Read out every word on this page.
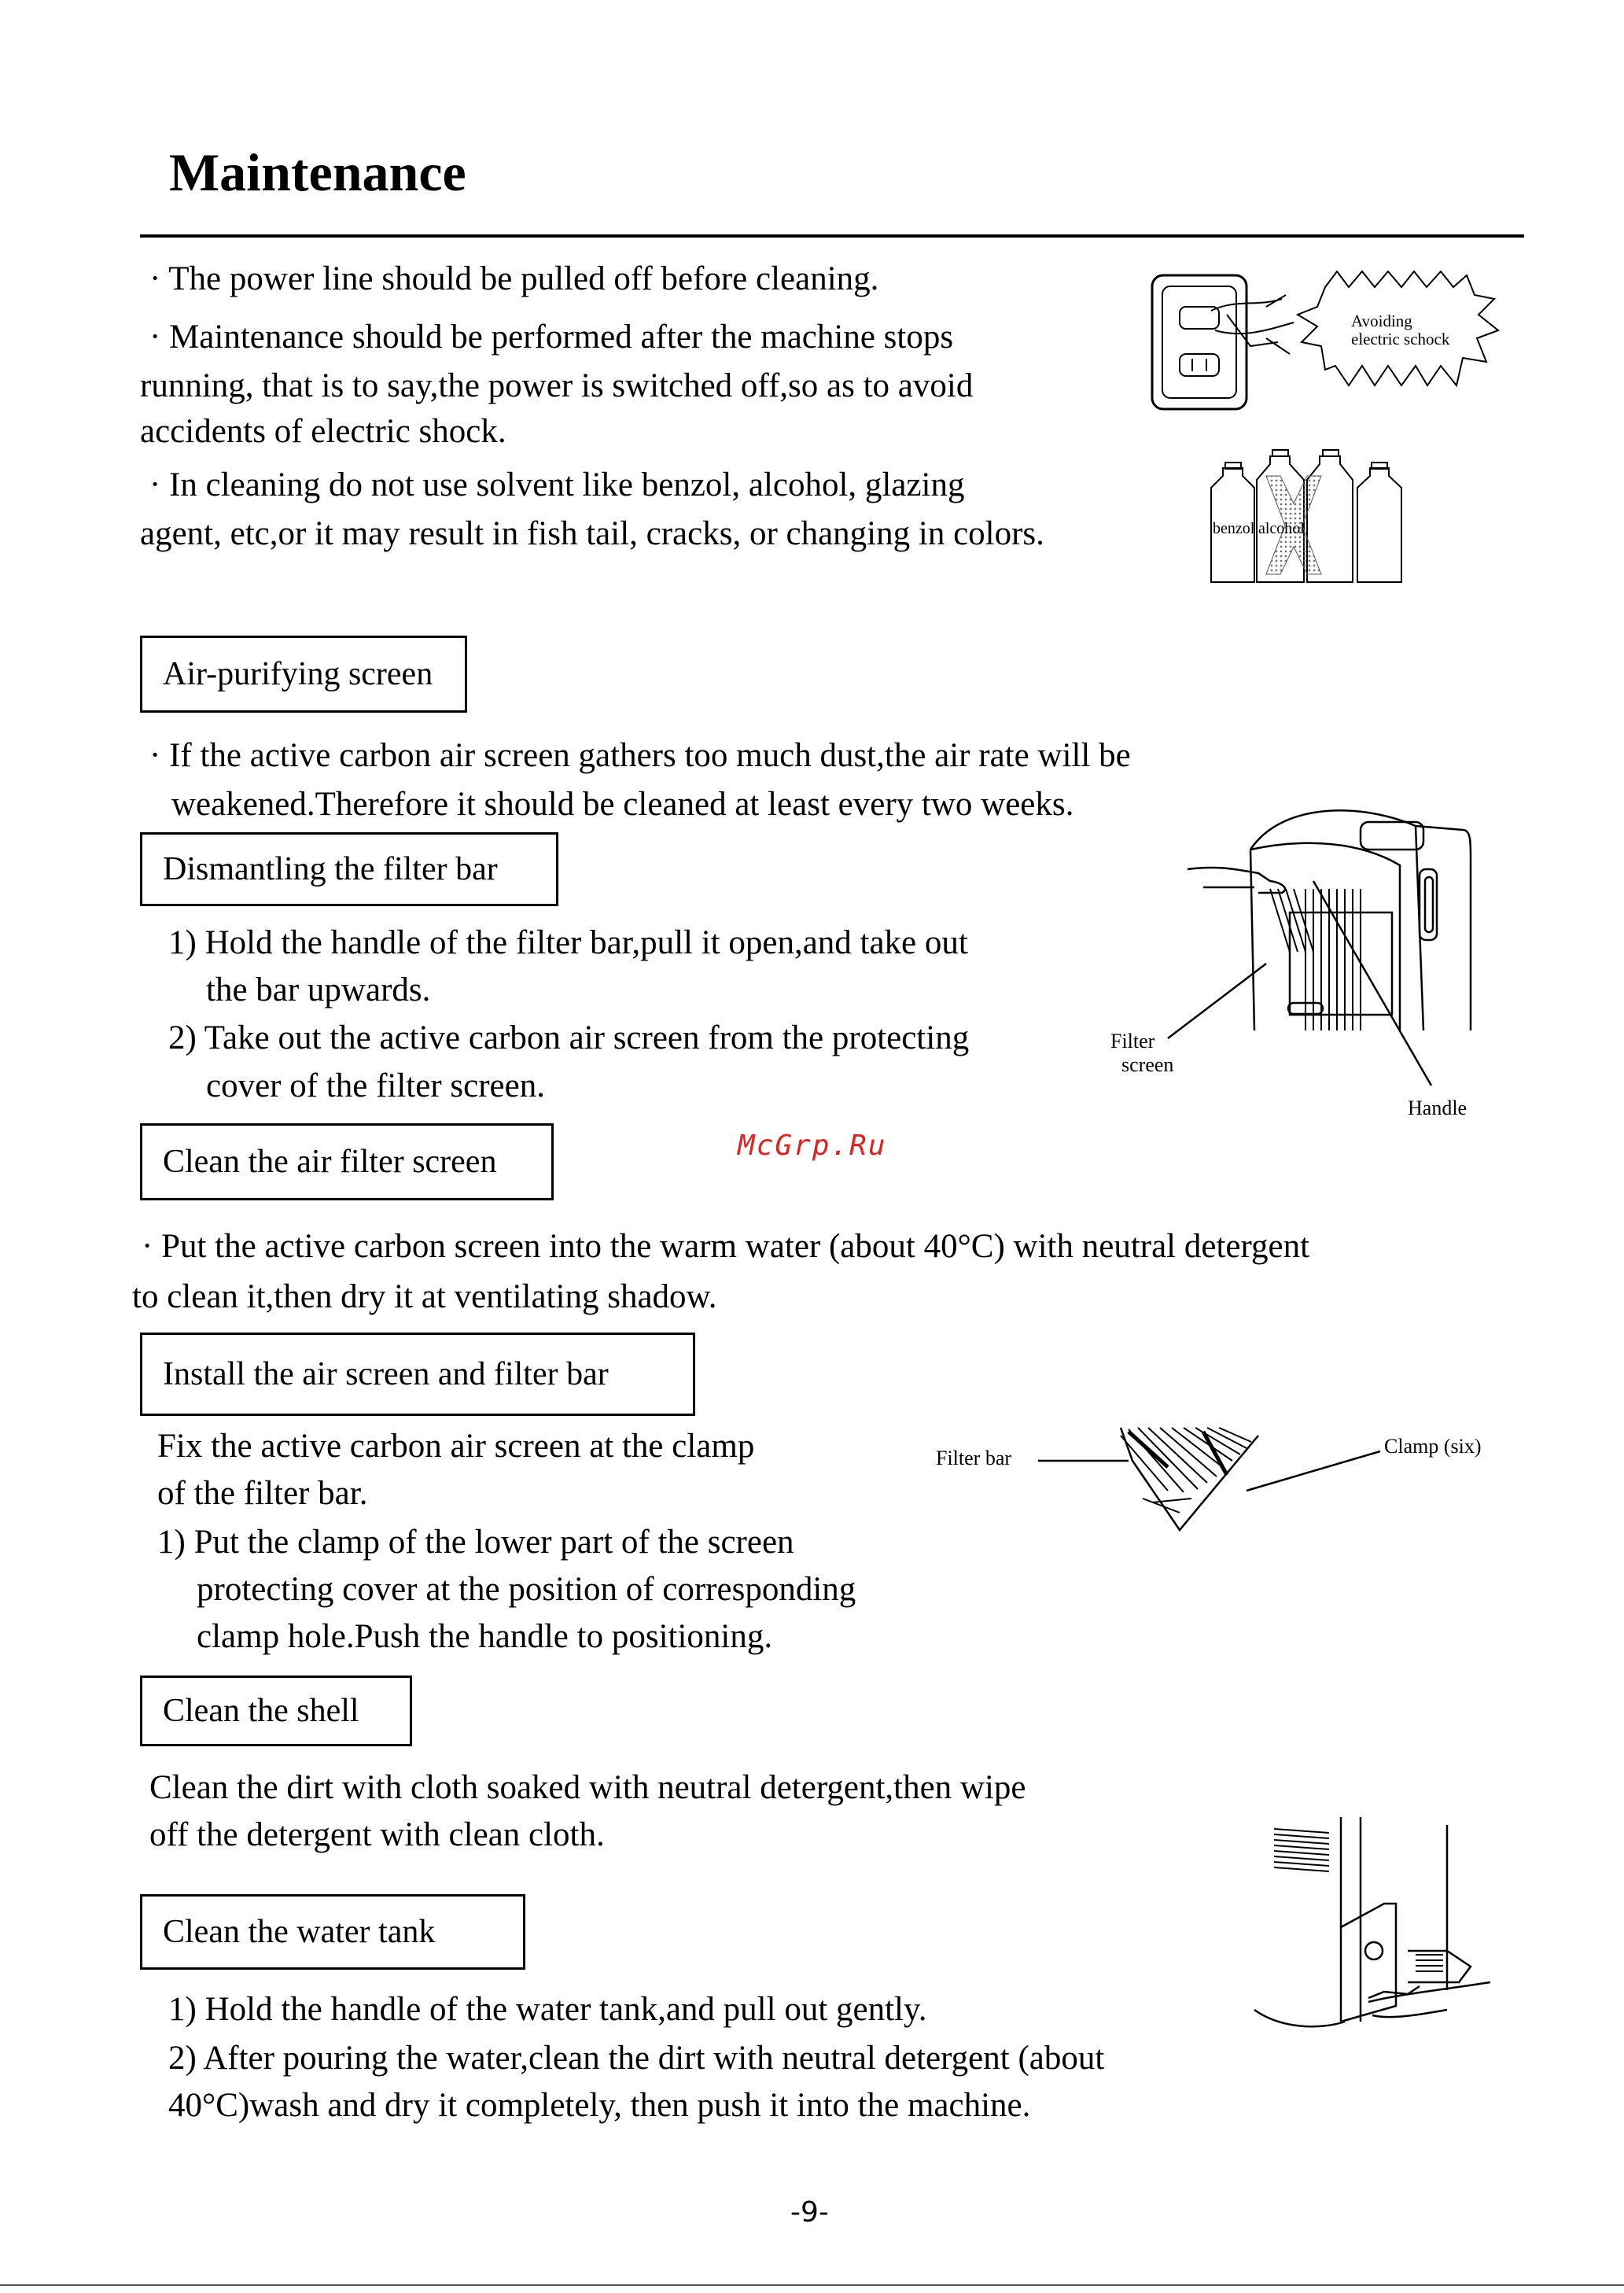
Maintenance
· The power line should be pulled off before cleaning.
· Maintenance should be performed after the machine stops
running, that is to say,the power is switched off,so as to avoid
accidents of electric shock.
· In cleaning do not use solvent like benzol, alcohol, glazing
agent, etc,or it may result in fish tail, cracks, or changing in colors.
Avoiding
electric schock
benzol alcohol
Air-purifying screen
· If the active carbon air screen gathers too much dust,the air rate will be
weakened.Therefore it should be cleaned at least every two weeks.
Dismantling the filter bar
1) Hold the handle of the filter bar,pull it open,and take out
the bar upwards.
2) Take out the active carbon air screen from the protecting
cover of the filter screen.
Filter
screen
Handle
McGrp.Ru
Clean the air filter screen
· Put the active carbon screen into the warm water (about 40°C) with neutral detergent
to clean it,then dry it at ventilating shadow.
Install the air screen and filter bar
Fix the active carbon air screen at the clamp
of the filter bar.
1) Put the clamp of the lower part of the screen
protecting cover at the position of corresponding
clamp hole.Push the handle to positioning.
Filter bar
Clamp (six)
Clean the shell
Clean the dirt with cloth soaked with neutral detergent,then wipe
off the detergent with clean cloth.
Clean the water tank
1) Hold the handle of the water tank,and pull out gently.
2) After pouring the water,clean the dirt with neutral detergent (about
40°C)wash and dry it completely, then push it into the machine.
-9-
